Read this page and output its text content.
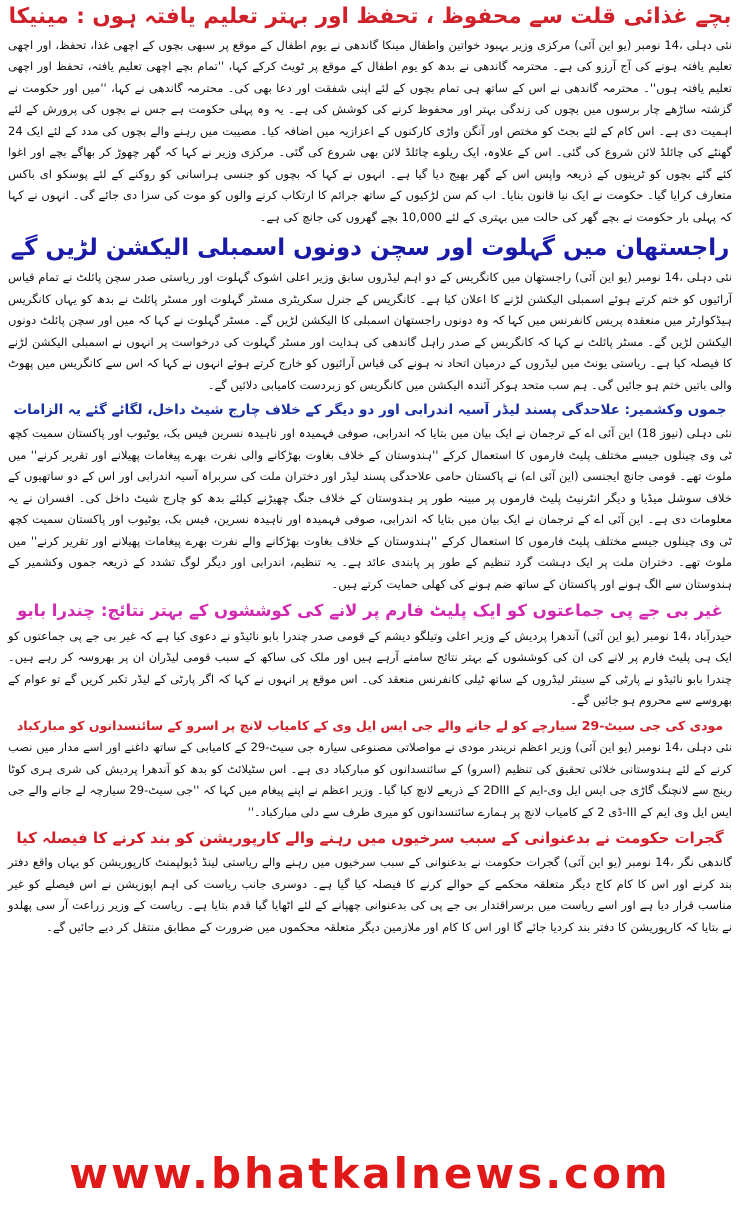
بچے غذائی قلت سے محفوظ ، تحفظ اور بہتر تعلیم یافتہ ہوں : مینیکا

نئی دہلی ،14 نومبر (یو این آئی) مرکزی وزیر بہبود خواتین واطفال مینکا گاندھی نے یوم اطفال کے موقع پر سبھی بچوں کے اچھی غذا، تحفظ، اور اچھی تعلیم یافتہ ہونے کی آج آرزو کی ہے۔ محترمہ گاندھی نے بدھ کو یوم اطفال کے موقع پر ٹویٹ کرکے کہا، ''تمام بچے اچھی تعلیم یافتہ، تحفظ اور اچھی تعلیم یافتہ ہوں''۔ محترمہ گاندھی نے اس کے ساتھ ہی تمام بچوں کے لئے اپنی شفقت اور دعا بھی کی۔ محترمہ گاندھی نے کہا، ''میں اور حکومت نے گزشتہ ساڑھے چار برسوں میں بچوں کی زندگی بہتر اور محفوظ کرنے کی کوشش کی ہے۔ یہ وہ پہلی حکومت ہے جس نے بچوں کی پرورش کے لئے اہمیت دی ہے۔ اس کام کے لئے بجٹ کو مختص اور آنگن واڑی کارکنوں کے اعزازیہ میں اضافہ کیا۔ مصیبت میں رہنے والے بچوں کی مدد کے لئے ایک 24 گھنٹے کی چائلڈ لائن شروع کی گئی۔ اس کے علاوہ، ایک ریلوے چائلڈ لائن بھی شروع کی گئی۔ مرکزی وزیر نے کہا کہ گھر چھوڑ کر بھاگے بچے اور اغوا کئے گئے بچوں کو ٹرینوں کے ذریعہ واپس اس کے گھر بھیج دیا گیا ہے۔ انہوں نے کہا کہ بچوں کو جنسی ہراسانی کو روکنے کے لئے پوسکو ای باکس متعارف کرایا گیا۔ حکومت نے ایک نیا قانون بنایا۔ اب کم سن لڑکیوں کے ساتھ جرائم کا ارتکاب کرنے والوں کو موت کی سزا دی جائے گی۔ انہوں نے کہا کہ پہلی بار حکومت نے بچے گھر کی حالت میں بہتری کے لئے 10,000 بچے گھروں کی جانچ کی ہے۔

راجستھان میں گہلوت اور سچن دونوں اسمبلی الیکشن لڑیں گے

نئی دہلی ،14 نومبر (یو این آئی) راجستھان میں کانگریس کے دو اہم لیڈروں سابق وزیر اعلی اشوک گہلوت اور ریاستی صدر سچن پائلٹ نے تمام قیاس آرائیوں کو ختم کرتے ہوئے اسمبلی الیکشن لڑنے کا اعلان کیا ہے۔ کانگریس کے جنرل سکریٹری مسٹر گہلوت اور مسٹر پائلٹ نے بدھ کو یہاں کانگریس ہیڈکوارٹر میں منعقدہ پریس کانفرنس میں کہا کہ وہ دونوں راجستھان اسمبلی کا الیکشن لڑیں گے۔ مسٹر گہلوت نے کہا کہ میں اور سچن پائلٹ دونوں الیکشن لڑیں گے۔ مسٹر پائلٹ نے کہا کہ کانگریس کے صدر راہل گاندھی کی ہدایت اور مسٹر گہلوت کی درخواست پر انہوں نے اسمبلی الیکشن لڑنے کا فیصلہ کیا ہے۔ ریاستی یونٹ میں لیڈروں کے درمیان اتحاد نہ ہونے کی قیاس آرائیوں کو خارج کرتے ہوئے انہوں نے کہا کہ اس سے کانگریس میں پھوٹ والی باتیں ختم ہو جائیں گی۔ ہم سب متحد ہوکر آئندہ الیکشن میں کانگریس کو زبردست کامیابی دلائیں گے۔

جموں وکشمیر: علاحدگی پسند لیڈر آسیہ اندرابی اور دو دیگر کے خلاف چارج شیٹ داخل، لگائے گئے یہ الزامات

نئی دہلی (نیوز 18) این آئی اے کے ترجمان نے ایک بیان میں بتایا کہ اندرابی، صوفی فہمیدہ اور ناہیدہ نسرین فیس بک، یوٹیوب اور پاکستان سمیت کچھ ٹی وی چینلوں جیسے مختلف پلیٹ فارموں کا استعمال کرکے ''ہندوستان کے خلاف بغاوت بھڑکانے والی نفرت بھرے پیغامات پھیلانے اور تقریر کرنے'' میں ملوث تھے۔ قومی جانچ ایجنسی (این آئی اے) نے پاکستان حامی علاحدگی پسند لیڈر اور دختران ملت کی سربراہ آسیہ اندرابی اور اس کے دو ساتھیوں کے خلاف سوشل میڈیا و دیگر انٹرنیٹ پلیٹ فارموں پر مبینہ طور پر ہندوستان کے خلاف جنگ چھیڑنے کیلئے بدھ کو چارج شیٹ داخل کی۔ افسران نے یہ معلومات دی ہے۔ این آئی اے کے ترجمان نے ایک بیان میں بتایا کہ اندرابی، صوفی فہمیدہ اور ناہیدہ نسرین، فیس بک، یوٹیوب اور پاکستان سمیت کچھ ٹی وی چینلوں جیسے مختلف پلیٹ فارموں کا استعمال کرکے ''ہندوستان کے خلاف بغاوت بھڑکانے والے نفرت بھرے پیغامات پھیلانے اور تقریر کرنے'' میں ملوث تھے۔ دختران ملت پر ایک دہشت گرد تنظیم کے طور پر پابندی عائد ہے۔ یہ تنظیم، اندرابی اور دیگر لوگ تشدد کے ذریعہ جموں وکشمیر کے ہندوستان سے الگ ہونے اور پاکستان کے ساتھ ضم ہونے کی کھلی حمایت کرتے ہیں۔

غیر بی جے پی جماعتوں کو ایک پلیٹ فارم پر لانے کی کوششوں کے بہتر نتائج: چندرا بابو

حیدرآباد ،14 نومبر (یو این آئی) آندھرا پردیش کے وزیر اعلی وتیلگو دیشم کے قومی صدر چندرا بابو نائیڈو نے دعوی کیا ہے کہ غیر بی جے پی جماعتوں کو ایک ہی پلیٹ فارم پر لانے کی ان کی کوششوں کے بہتر نتائج سامنے آرہے ہیں اور ملک کی ساکھ کے سبب قومی لیڈران ان پر بھروسہ کر رہے ہیں۔ چندرا بابو نائیڈو نے پارٹی کے سینئر لیڈروں کے ساتھ ٹیلی کانفرنس منعقد کی۔ اس موقع پر انہوں نے کہا کہ اگر پارٹی کے لیڈر تکبر کریں گے تو عوام کے بھروسے سے محروم ہو جائیں گے۔

مودی کی جی سیٹ-29 سیارچے کو لے جانے والے جی ایس ایل وی کے کامیاب لانچ پر اسرو کے سائنسدانوں کو مبارکباد

نئی دہلی ،14 نومبر (یو این آئی) وزیر اعظم نریندر مودی نے مواصلاتی مصنوعی سیارہ جی سیٹ-29 کے کامیابی کے ساتھ داغنے اور اسے مدار میں نصب کرنے کے لئے ہندوستانی خلائی تحقیق کی تنظیم (اسرو) کے سائنسدانوں کو مبارکباد دی ہے۔ اس سٹیلائٹ کو بدھ کو آندھرا پردیش کی شری ہری کوٹا رینج سے لانچنگ گاڑی جی ایس ایل وی-ایم کے 2DIII کے ذریعے لانچ کیا گیا۔ وزیر اعظم نے اپنے پیغام میں کہا کہ ''جی سیٹ-29 سیارچہ لے جانے والے جی ایس ایل وی ایم کے III-ڈی 2 کے کامیاب لانچ پر ہمارے سائنسدانوں کو میری طرف سے دلی مبارکباد۔''

گجرات حکومت نے بدعنوانی کے سبب سرخیوں میں رہنے والے کارپوریشن کو بند کرنے کا فیصلہ کیا

گاندھی نگر ،14 نومبر (یو این آئی) گجرات حکومت نے بدعنوانی کے سبب سرخیوں میں رہنے والے ریاستی لینڈ ڈیولپمنٹ کارپوریشن کو یہاں واقع دفتر بند کرنے اور اس کا کام کاج دیگر متعلقہ محکمے کے حوالے کرنے کا فیصلہ کیا گیا ہے۔ دوسری جانب ریاست کی اہم اپوزیشن نے اس فیصلے کو غیر مناسب قرار دیا ہے اور اسے ریاست میں برسراقتدار بی جے پی کی بدعنوانی چھپانے کے لئے اٹھایا گیا قدم بتایا ہے۔ ریاست کے وزیر زراعت آر سی پھلدو نے بتایا کہ کارپوریشن کا دفتر بند کردیا جائے گا اور اس کا کام اور ملازمین دیگر متعلقہ محکموں میں ضرورت کے مطابق منتقل کر دیے جائیں گے۔

www.bhatkalnews.com
